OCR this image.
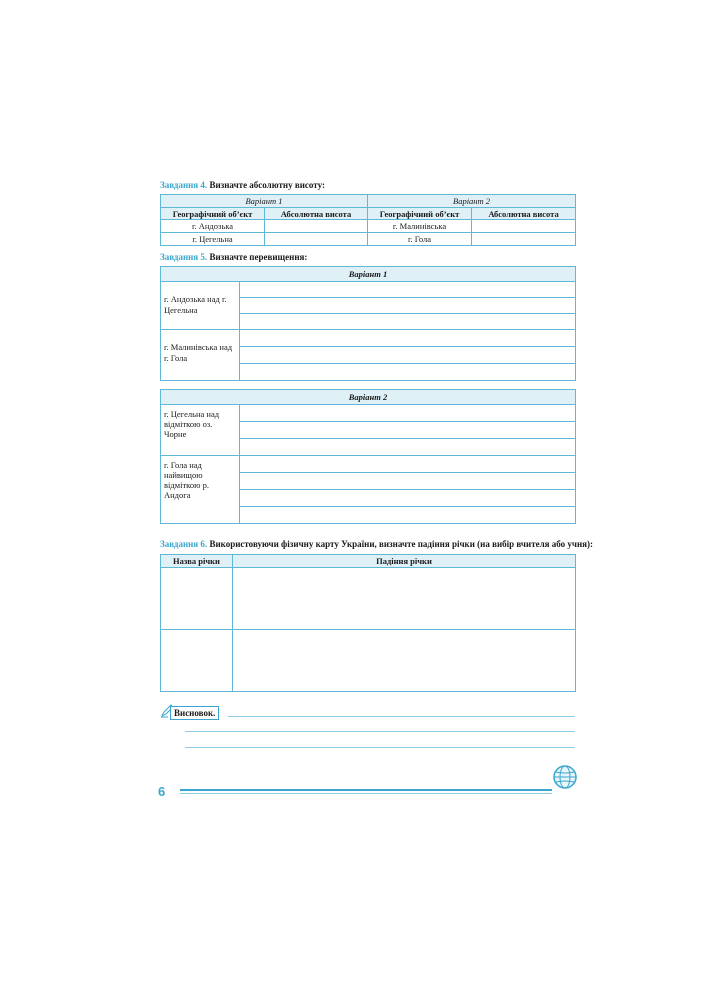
Завдання 4. Визначте абсолютну висоту:
Варіант 1		Варіант 2	
Географічний об’єкт	Абсолютна висота	Географічний об’єкт	Абсолютна висота
г. Андозька		г. Малинівська	
г. Цегельна		г. Гола	
Завдання 5. Визначте перевищення:
Варіант 1	
г. Андозька над г. Цегельна	

г. Малинівська над г. Гола	

Варіант 2	
г. Цегельна над відміткою оз. Чорне	

г. Гола над найвищою відміткою р. Андога	

Завдання 6. Використовуючи фізичну карту України, визначте падіння річки (на вибір вчителя або учня):
Назва річки	Падіння річки

Висновок.
6
